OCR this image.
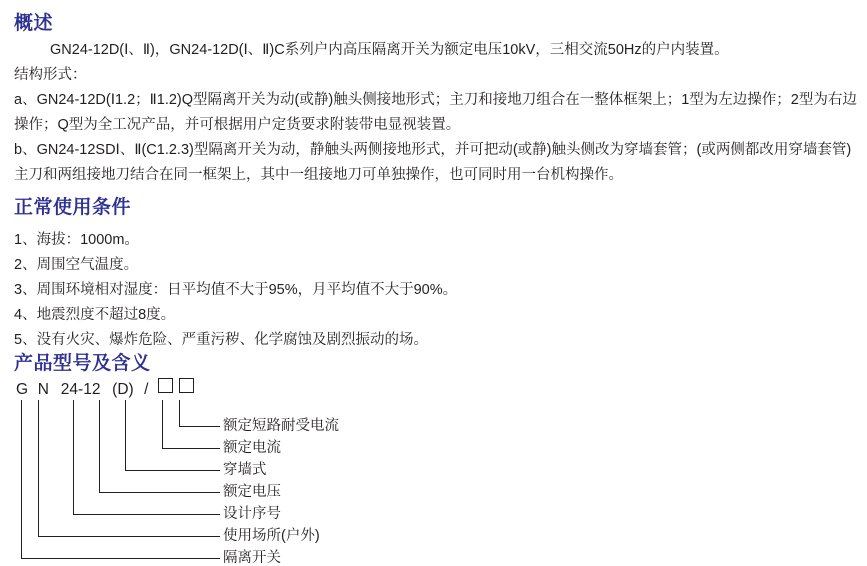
概述
GN24-12D(Ⅰ、Ⅱ)，GN24-12D(Ⅰ、Ⅱ)C系列户内高压隔离开关为额定电压10kV，三相交流50Hz的户内装置。
结构形式：
a、GN24-12D(Ⅰ1.2；Ⅱ1.2)Q型隔离开关为动(或静)触头侧接地形式；主刀和接地刀组合在一整体框架上；1型为左边操作；2型为右边操作；Q型为全工况产品，并可根据用户定货要求附装带电显视装置。
b、GN24-12SDⅠ、Ⅱ(C1.2.3)型隔离开关为动，静触头两侧接地形式，并可把动(或静)触头侧改为穿墙套管；(或两侧都改用穿墙套管)主刀和两组接地刀结合在同一框架上，其中一组接地刀可单独操作，也可同时用一台机构操作。
正常使用条件
1、海拔：1000m。
2、周围空气温度。
3、周围环境相对湿度：日平均值不大于95%，月平均值不大于90%。
4、地震烈度不超过8度。
5、没有火灾、爆炸危险、严重污秽、化学腐蚀及剧烈振动的场。
产品型号及含义
G N 24-12 (D) /
额定短路耐受电流
额定电流
穿墙式
额定电压
设计序号
使用场所(户外)
隔离开关
